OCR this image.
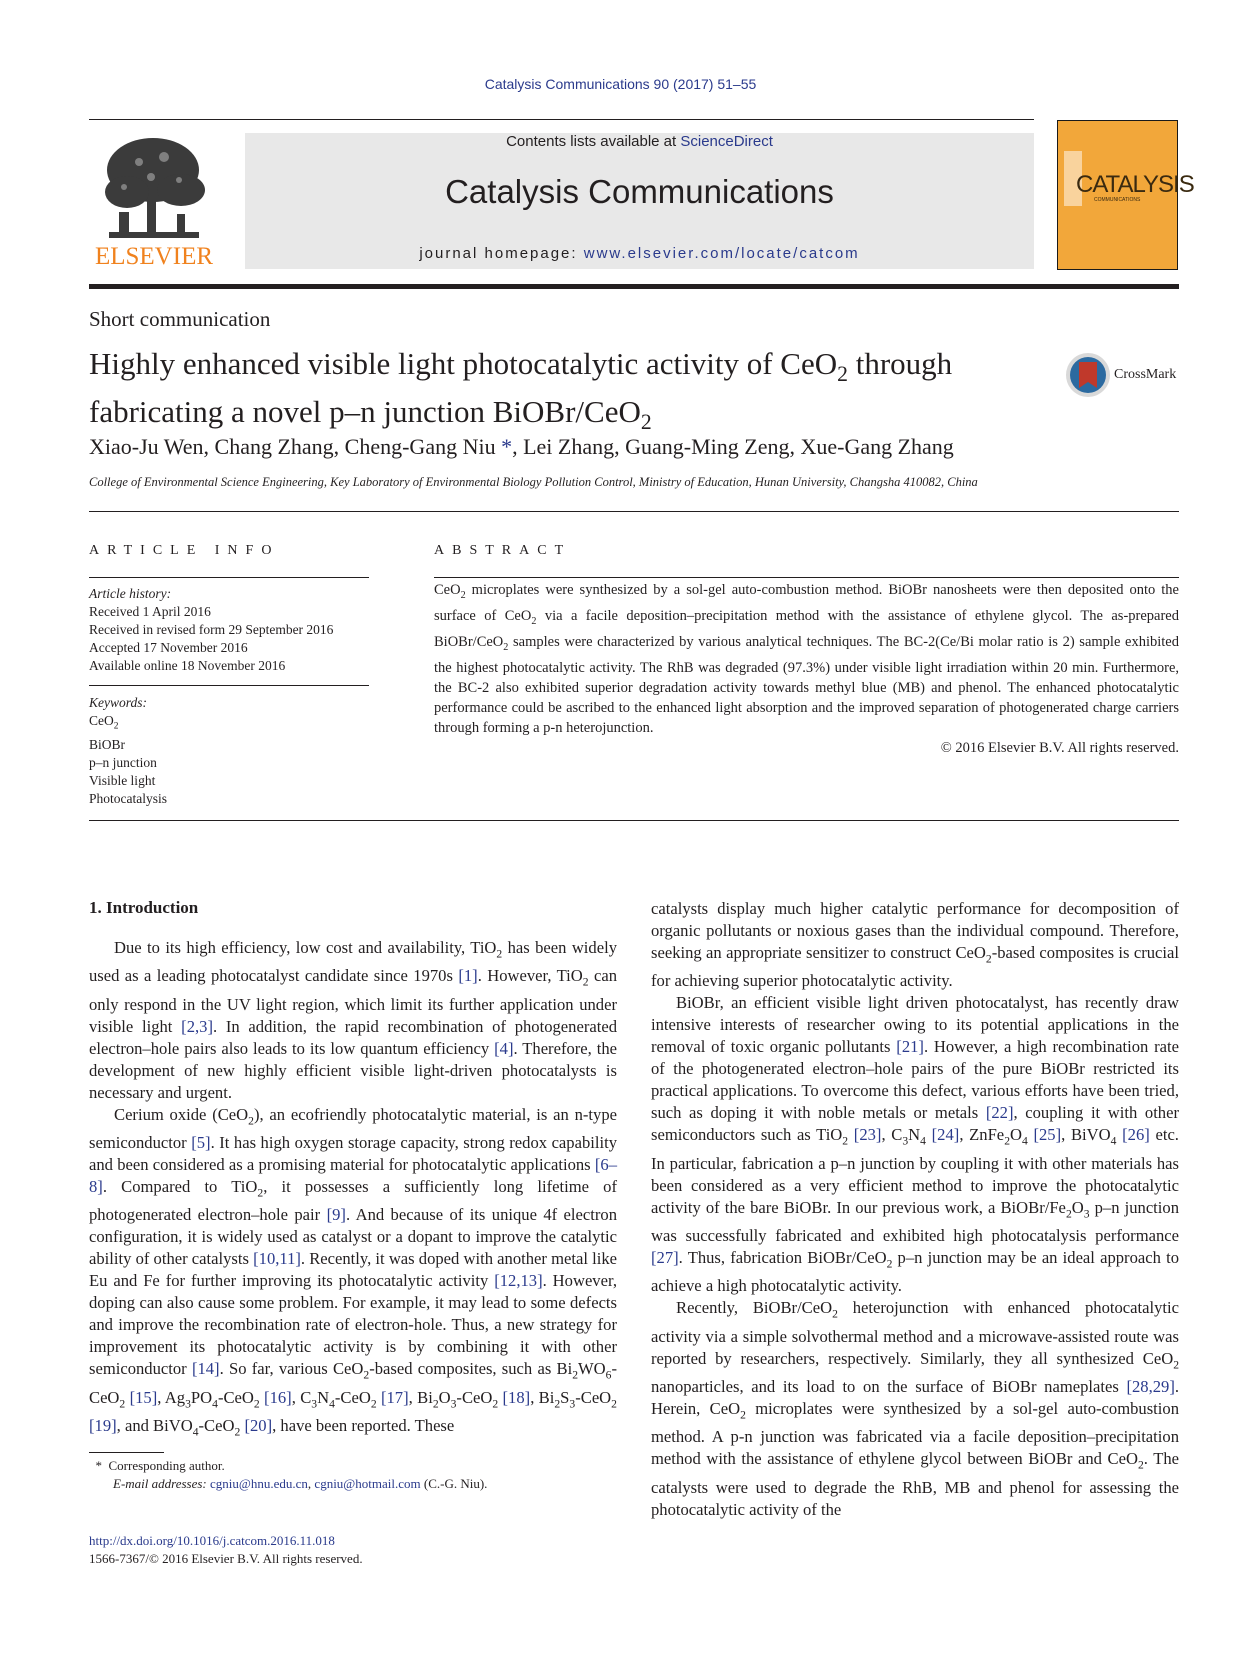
Catalysis Communications 90 (2017) 51–55
ELSEVIER
Contents lists available at ScienceDirect
Catalysis Communications
journal homepage: www.elsevier.com/locate/catcom
CATALYSIS
COMMUNICATIONS
Short communication
Highly enhanced visible light photocatalytic activity of CeO$_2$ through
fabricating a novel p–n junction BiOBr/CeO$_2$
CrossMark
Xiao-Ju Wen, Chang Zhang, Cheng-Gang Niu *, Lei Zhang, Guang-Ming Zeng, Xue-Gang Zhang
College of Environmental Science Engineering, Key Laboratory of Environmental Biology Pollution Control, Ministry of Education, Hunan University, Changsha 410082, China
ARTICLE INFO	ABSTRACT
Article history:
Received 1 April 2016
Received in revised form 29 September 2016
Accepted 17 November 2016
Available online 18 November 2016
Keywords:
CeO$_2$
BiOBr
p–n junction
Visible light
Photocatalysis
CeO$_2$ microplates were synthesized by a sol-gel auto-combustion method. BiOBr nanosheets were then deposited onto the surface of CeO$_2$ via a facile deposition–precipitation method with the assistance of ethylene glycol. The as-prepared BiOBr/CeO$_2$ samples were characterized by various analytical techniques. The BC-2(Ce/Bi molar ratio is 2) sample exhibited the highest photocatalytic activity. The RhB was degraded (97.3%) under visible light irradiation within 20 min. Furthermore, the BC-2 also exhibited superior degradation activity towards methyl blue (MB) and phenol. The enhanced photocatalytic performance could be ascribed to the enhanced light absorption and the improved separation of photogenerated charge carriers through forming a p-n heterojunction.
© 2016 Elsevier B.V. All rights reserved.
1. Introduction

Due to its high efficiency, low cost and availability, TiO$_2$ has been widely used as a leading photocatalyst candidate since 1970s [1]. However, TiO$_2$ can only respond in the UV light region, which limit its further application under visible light [2,3]. In addition, the rapid recombination of photogenerated electron–hole pairs also leads to its low quantum efficiency [4]. Therefore, the development of new highly efficient visible light-driven photocatalysts is necessary and urgent.

Cerium oxide (CeO$_2$), an ecofriendly photocatalytic material, is an n-type semiconductor [5]. It has high oxygen storage capacity, strong redox capability and been considered as a promising material for photocatalytic applications [6–8]. Compared to TiO$_2$, it possesses a sufficiently long lifetime of photogenerated electron–hole pair [9]. And because of its unique 4f electron configuration, it is widely used as catalyst or a dopant to improve the catalytic ability of other catalysts [10,11]. Recently, it was doped with another metal like Eu and Fe for further improving its photocatalytic activity [12,13]. However, doping can also cause some problem. For example, it may lead to some defects and improve the recombination rate of electron-hole. Thus, a new strategy for improvement its photocatalytic activity is by combining it with other semiconductor [14]. So far, various CeO$_2$-based composites, such as $Bi_2WO_6-CeO_2$ [15], $Ag_3PO_4-CeO_2$ [16], $C_3N_4-CeO_2$ [17], $Bi_2O_3-CeO_2$ [18], $Bi_2S_3-CeO_2$ [19], and BiVO$_4$-CeO$_2$ [20], have been reported. These

catalysts display much higher catalytic performance for decomposition of organic pollutants or noxious gases than the individual compound. Therefore, seeking an appropriate sensitizer to construct CeO$_2$-based composites is crucial for achieving superior photocatalytic activity.

BiOBr, an efficient visible light driven photocatalyst, has recently draw intensive interests of researcher owing to its potential applications in the removal of toxic organic pollutants [21]. However, a high recombination rate of the photogenerated electron–hole pairs of the pure BiOBr restricted its practical applications. To overcome this defect, various efforts have been tried, such as doping it with noble metals or metals [22], coupling it with other semiconductors such as TiO$_2$ [23], $C_3N_4$ [24], $ZnFe_2O_4$ [25], BiVO$_4$ [26] etc. In particular, fabrication a p–n junction by coupling it with other materials has been considered as a very efficient method to improve the photocatalytic activity of the bare BiOBr. In our previous work, a BiOBr/$Fe_2O_3$ p–n junction was successfully fabricated and exhibited high photocatalysis performance [27]. Thus, fabrication BiOBr/CeO$_2$ p–n junction may be an ideal approach to achieve a high photocatalytic activity.

Recently, BiOBr/CeO$_2$ heterojunction with enhanced photocatalytic activity via a simple solvothermal method and a microwave-assisted route was reported by researchers, respectively. Similarly, they all synthesized CeO$_2$ nanoparticles, and its load to on the surface of BiOBr nameplates [28,29]. Herein, CeO$_2$ microplates were synthesized by a sol-gel auto-combustion method. A p-n junction was fabricated via a facile deposition–precipitation method with the assistance of ethylene glycol between BiOBr and CeO$_2$. The catalysts were used to degrade the RhB, MB and phenol for assessing the photocatalytic activity of the

*  Corresponding author.
E-mail addresses: cgniu@hnu.edu.cn, cgniu@hotmail.com (C.-G. Niu).
http://dx.doi.org/10.1016/j.catcom.2016.11.018
1566-7367/© 2016 Elsevier B.V. All rights reserved.
